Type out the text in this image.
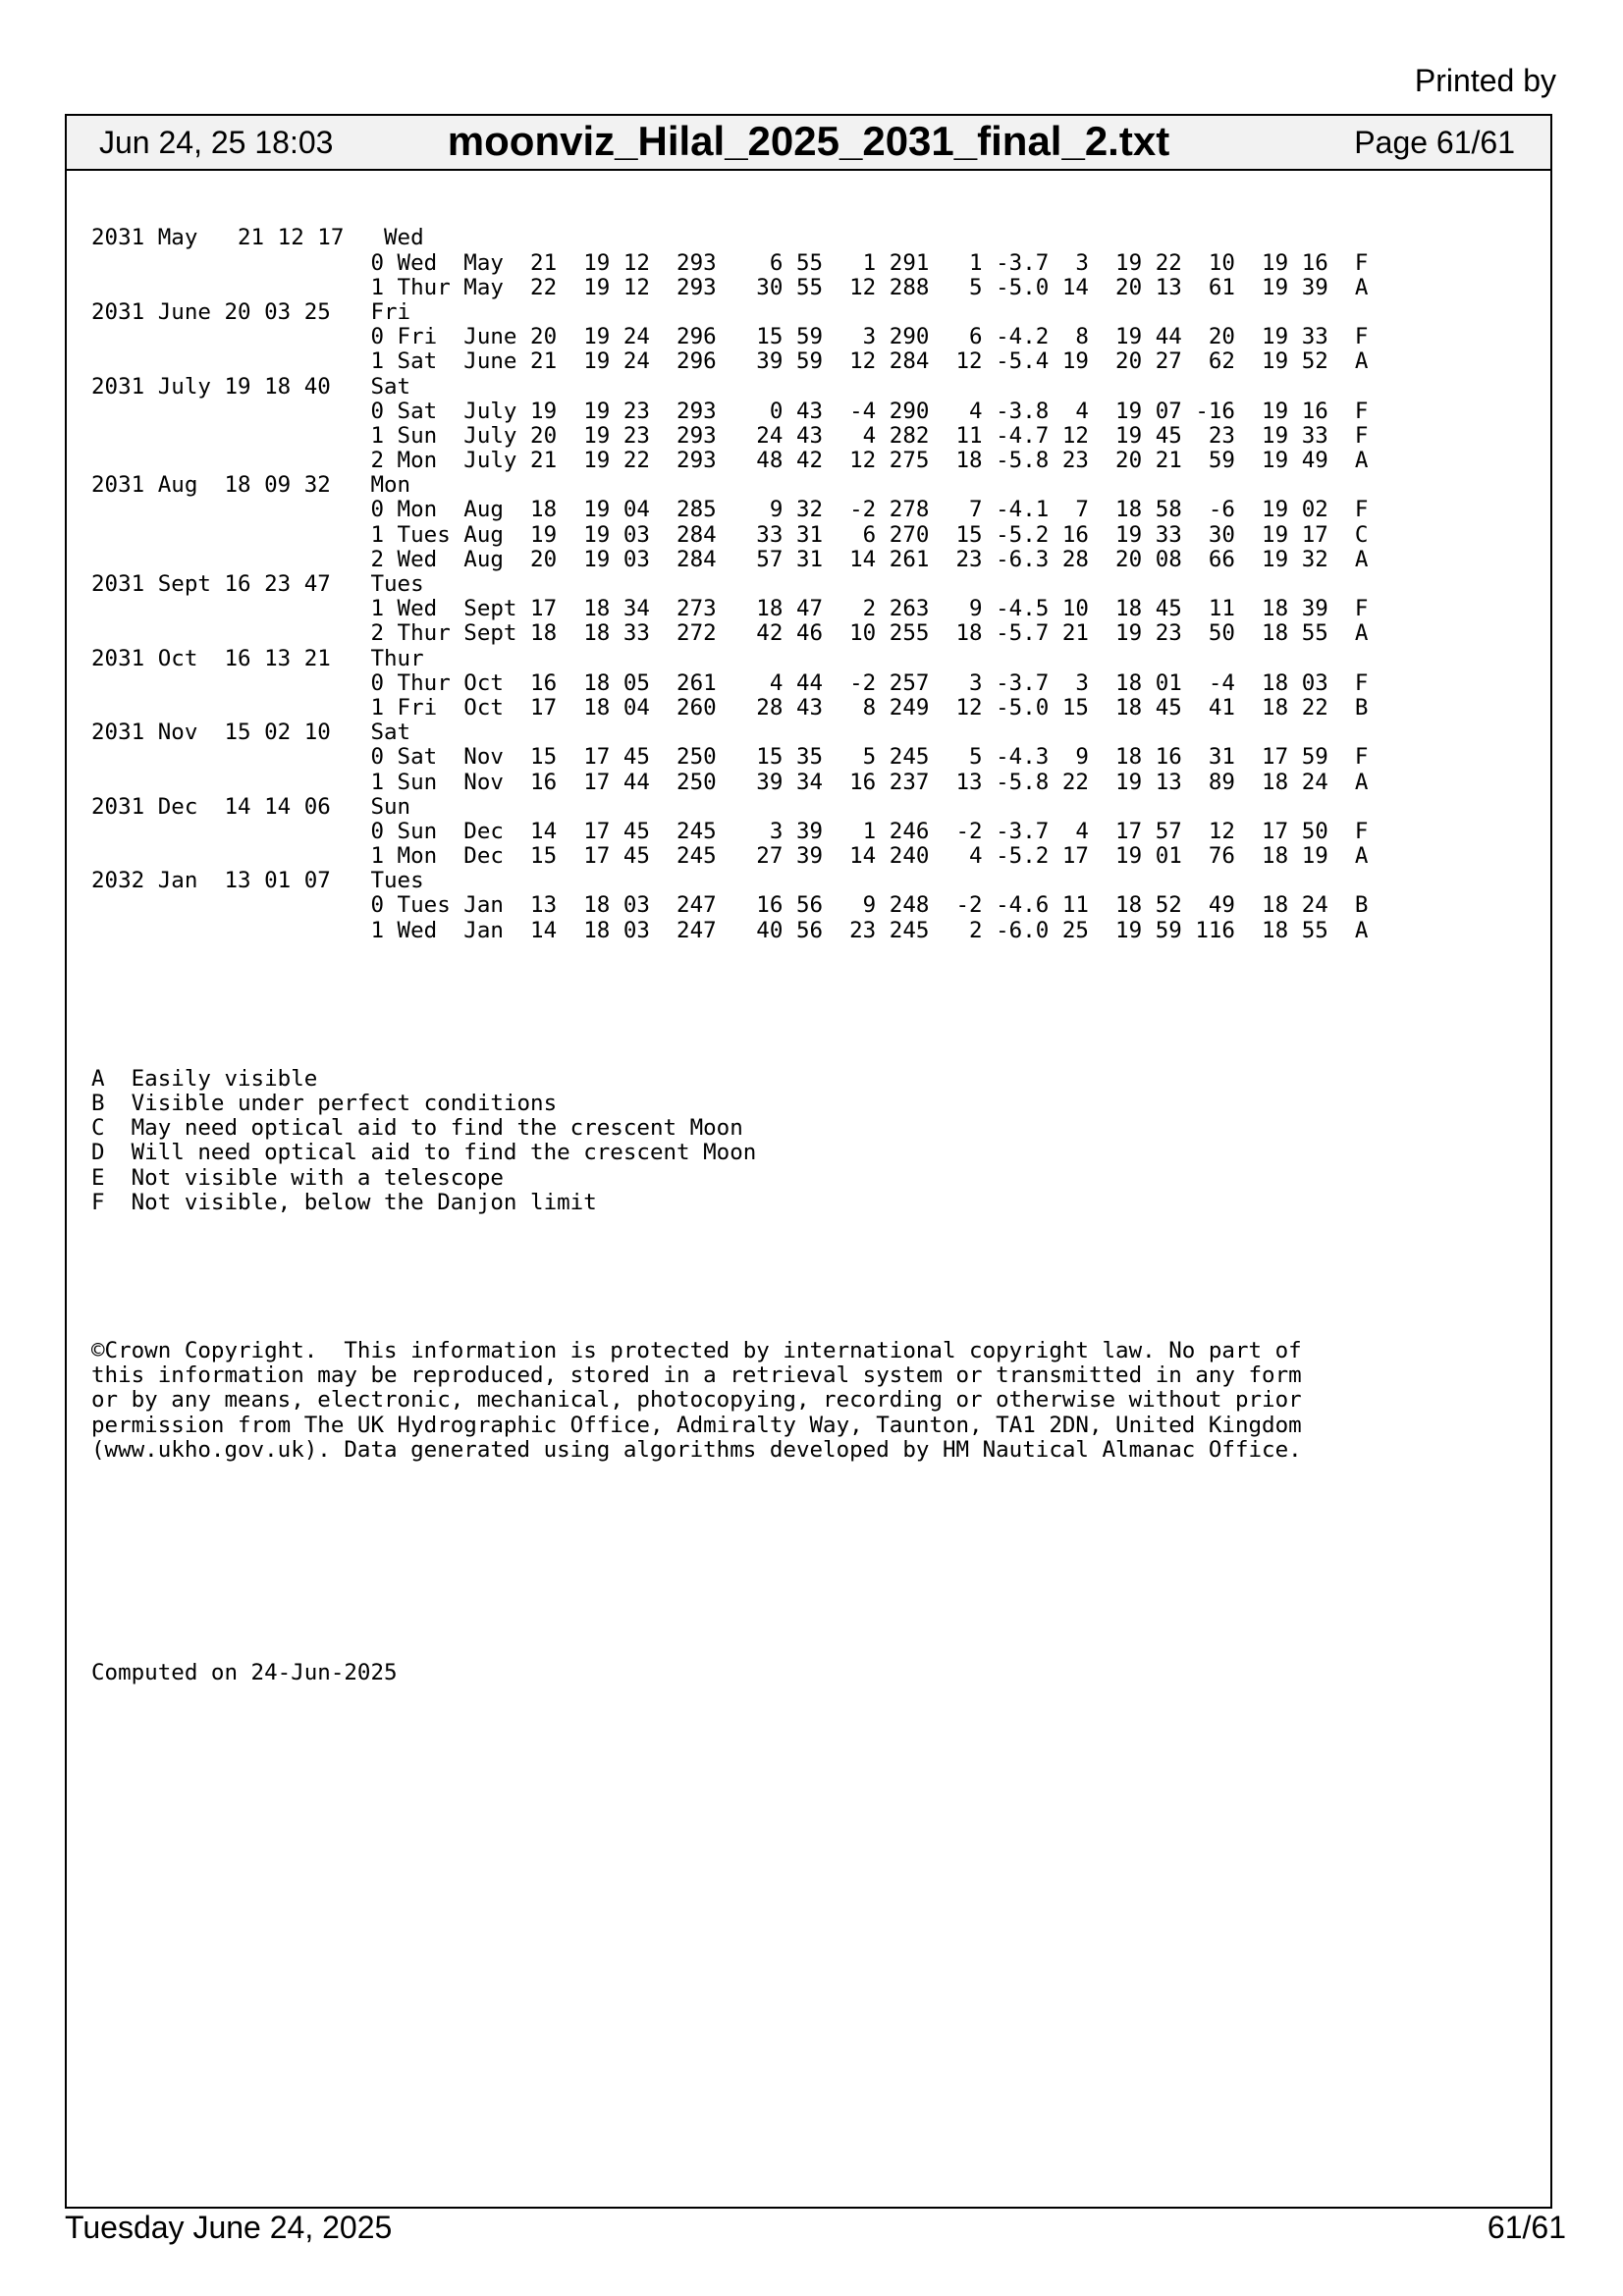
Printed by
Jun 24, 25 18:03	moonviz_Hilal_2025_2031_final_2.txt	Page 61/61

2031 May   21 12 17   Wed
0 Wed  May  21  19 12  293    6 55   1 291   1 -3.7  3  19 22  10  19 16  F
1 Thur May  22  19 12  293   30 55  12 288   5 -5.0 14  20 13  61  19 39  A
2031 June 20 03 25   Fri
0 Fri  June 20  19 24  296   15 59   3 290   6 -4.2  8  19 44  20  19 33  F
1 Sat  June 21  19 24  296   39 59  12 284  12 -5.4 19  20 27  62  19 52  A
2031 July 19 18 40   Sat
0 Sat  July 19  19 23  293    0 43  -4 290   4 -3.8  4  19 07 -16  19 16  F
1 Sun  July 20  19 23  293   24 43   4 282  11 -4.7 12  19 45  23  19 33  F
2 Mon  July 21  19 22  293   48 42  12 275  18 -5.8 23  20 21  59  19 49  A
2031 Aug  18 09 32   Mon
0 Mon  Aug  18  19 04  285    9 32  -2 278   7 -4.1  7  18 58  -6  19 02  F
1 Tues Aug  19  19 03  284   33 31   6 270  15 -5.2 16  19 33  30  19 17  C
2 Wed  Aug  20  19 03  284   57 31  14 261  23 -6.3 28  20 08  66  19 32  A
2031 Sept 16 23 47   Tues
1 Wed  Sept 17  18 34  273   18 47   2 263   9 -4.5 10  18 45  11  18 39  F
2 Thur Sept 18  18 33  272   42 46  10 255  18 -5.7 21  19 23  50  18 55  A
2031 Oct  16 13 21   Thur
0 Thur Oct  16  18 05  261    4 44  -2 257   3 -3.7  3  18 01  -4  18 03  F
1 Fri  Oct  17  18 04  260   28 43   8 249  12 -5.0 15  18 45  41  18 22  B
2031 Nov  15 02 10   Sat
0 Sat  Nov  15  17 45  250   15 35   5 245   5 -4.3  9  18 16  31  17 59  F
1 Sun  Nov  16  17 44  250   39 34  16 237  13 -5.8 22  19 13  89  18 24  A
2031 Dec  14 14 06   Sun
0 Sun  Dec  14  17 45  245    3 39   1 246  -2 -3.7  4  17 57  12  17 50  F
1 Mon  Dec  15  17 45  245   27 39  14 240   4 -5.2 17  19 01  76  18 19  A
2032 Jan  13 01 07   Tues
0 Tues Jan  13  18 03  247   16 56   9 248  -2 -4.6 11  18 52  49  18 24  B
1 Wed  Jan  14  18 03  247   40 56  23 245   2 -6.0 25  19 59 116  18 55  A

A  Easily visible
B  Visible under perfect conditions
C  May need optical aid to find the crescent Moon
D  Will need optical aid to find the crescent Moon
E  Not visible with a telescope
F  Not visible, below the Danjon limit

©Crown Copyright.  This information is protected by international copyright law. No part of
this information may be reproduced, stored in a retrieval system or transmitted in any form
or by any means, electronic, mechanical, photocopying, recording or otherwise without prior
permission from The UK Hydrographic Office, Admiralty Way, Taunton, TA1 2DN, United Kingdom
(www.ukho.gov.uk). Data generated using algorithms developed by HM Nautical Almanac Office.

Computed on 24-Jun-2025

Tuesday June 24, 2025	61/61
